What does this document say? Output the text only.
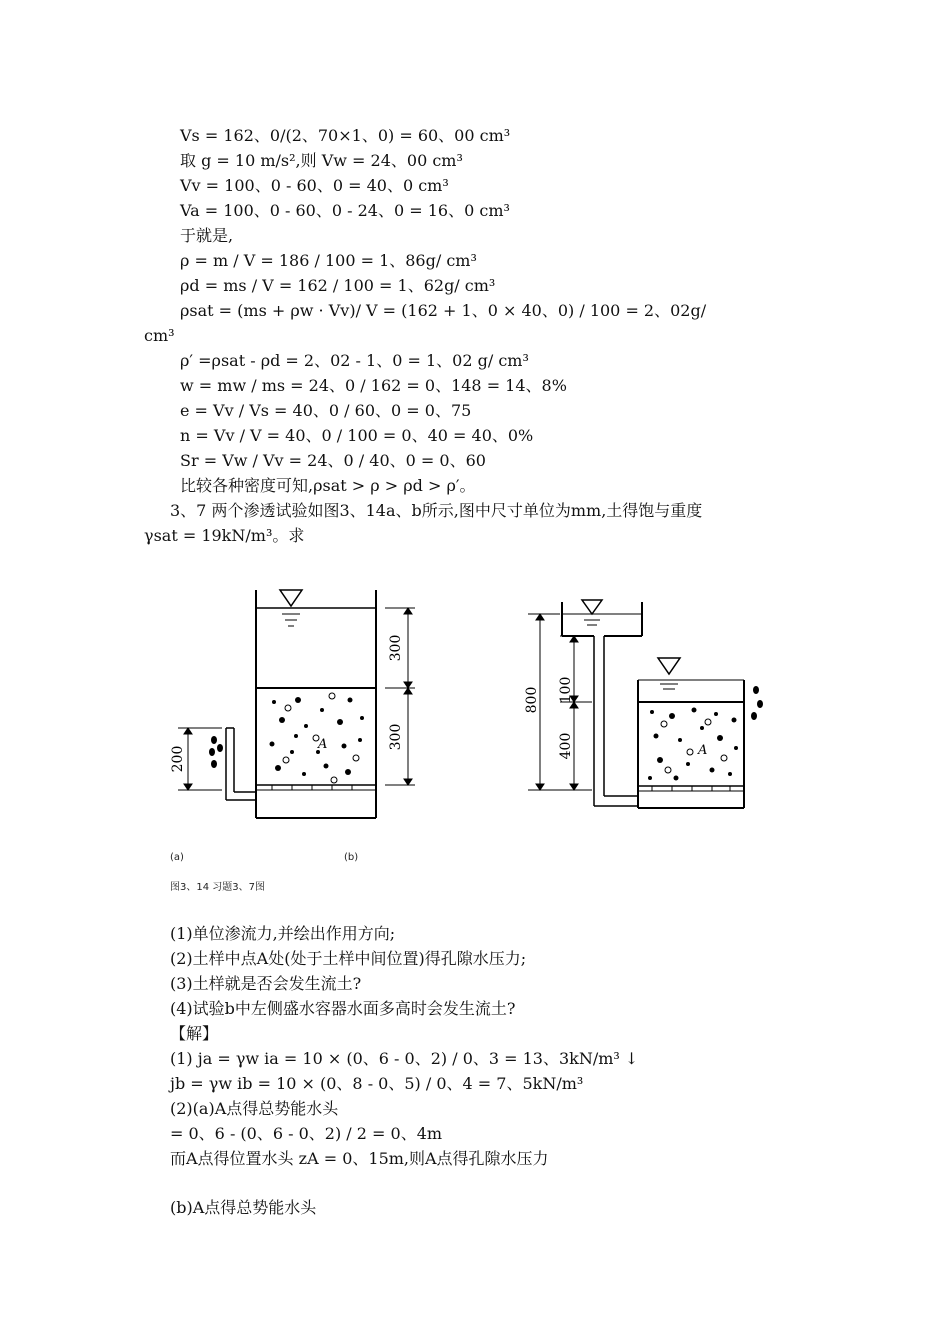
Vs = 162、0/(2、70×1、0) = 60、00 cm³
取 g = 10 m/s²,则 Vw = 24、00 cm³
Vv = 100、0 - 60、0 = 40、0 cm³
Va = 100、0 - 60、0 - 24、0 = 16、0 cm³
于就是,
ρ = m / V = 186 / 100 = 1、86g/ cm³
ρd = ms / V = 162 / 100 = 1、62g/ cm³
ρsat = (ms + ρw · Vv)/ V = (162 + 1、0 × 40、0) / 100 = 2、02g/
cm³
ρ′ =ρsat - ρd = 2、02 - 1、0 = 1、02 g/ cm³
w = mw / ms = 24、0 / 162 = 0、148 = 14、8%
e = Vv / Vs = 40、0 / 60、0 = 0、75
n = Vv / V = 40、0 / 100 = 0、40 = 40、0%
Sr = Vw / Vv = 24、0 / 40、0 = 0、60
比较各种密度可知,ρsat > ρ > ρd > ρ′。
3、7 两个渗透试验如图3、14a、b所示,图中尺寸单位为mm,土得饱与重度
γsat = 19kN/m³。求
(1)单位渗流力,并绘出作用方向;
(2)土样中点A处(处于土样中间位置)得孔隙水压力;
(3)土样就是否会发生流土?
(4)试验b中左侧盛水容器水面多高时会发生流土?
【解】
(1) ja = γw ia = 10 × (0、6 - 0、2) / 0、3 = 13、3kN/m³ ↓
jb = γw ib = 10 × (0、8 - 0、5) / 0、4 = 7、5kN/m³
(2)(a)A点得总势能水头
= 0、6 - (0、6 - 0、2) / 2 = 0、4m
而A点得位置水头 zA = 0、15m,则A点得孔隙水压力
(b)A点得总势能水头
A
300
300
200	A
800 100
400
(a)	(b)
图3、14 习题3、7图
